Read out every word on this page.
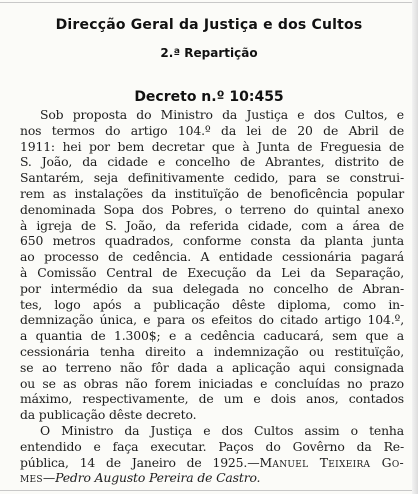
Direcção Geral da Justiça e dos Cultos
2.ª Repartição
Decreto n.º 10:455
Sob proposta do Ministro da Justiça e dos Cultos, e
nos termos do artigo 104.º da lei de 20 de Abril de
1911: hei por bem decretar que à Junta de Freguesia de
S. João, da cidade e concelho de Abrantes, distrito de
Santarém, seja definitivamente cedido, para se construi-
rem as instalações da instituïção de benoficência popular
denominada Sopa dos Pobres, o terreno do quintal anexo
à igreja de S. João, da referida cidade, com a área de
650 metros quadrados, conforme consta da planta junta
ao processo de cedência. A entidade cessionária pagará
à Comissão Central de Execução da Lei da Separação,
por intermédio da sua delegada no concelho de Abran-
tes, logo após a publicação dêste diploma, como in-
demnização única, e para os efeitos do citado artigo 104.º,
a quantia de 1.300$; e a cedência caducará, sem que a
cessionária tenha direito a indemnização ou restituïção,
se ao terreno não fôr dada a aplicação aqui consignada
ou se as obras não forem iniciadas e concluídas no prazo
máximo, respectivamente, de um e dois anos, contados
da publicação dêste decreto.
O Ministro da Justiça e dos Cultos assim o tenha
entendido e faça executar. Paços do Govêrno da Re-
pública, 14 de Janeiro de 1925.—Manuel Teixeira Go-
mes—Pedro Augusto Pereira de Castro.
